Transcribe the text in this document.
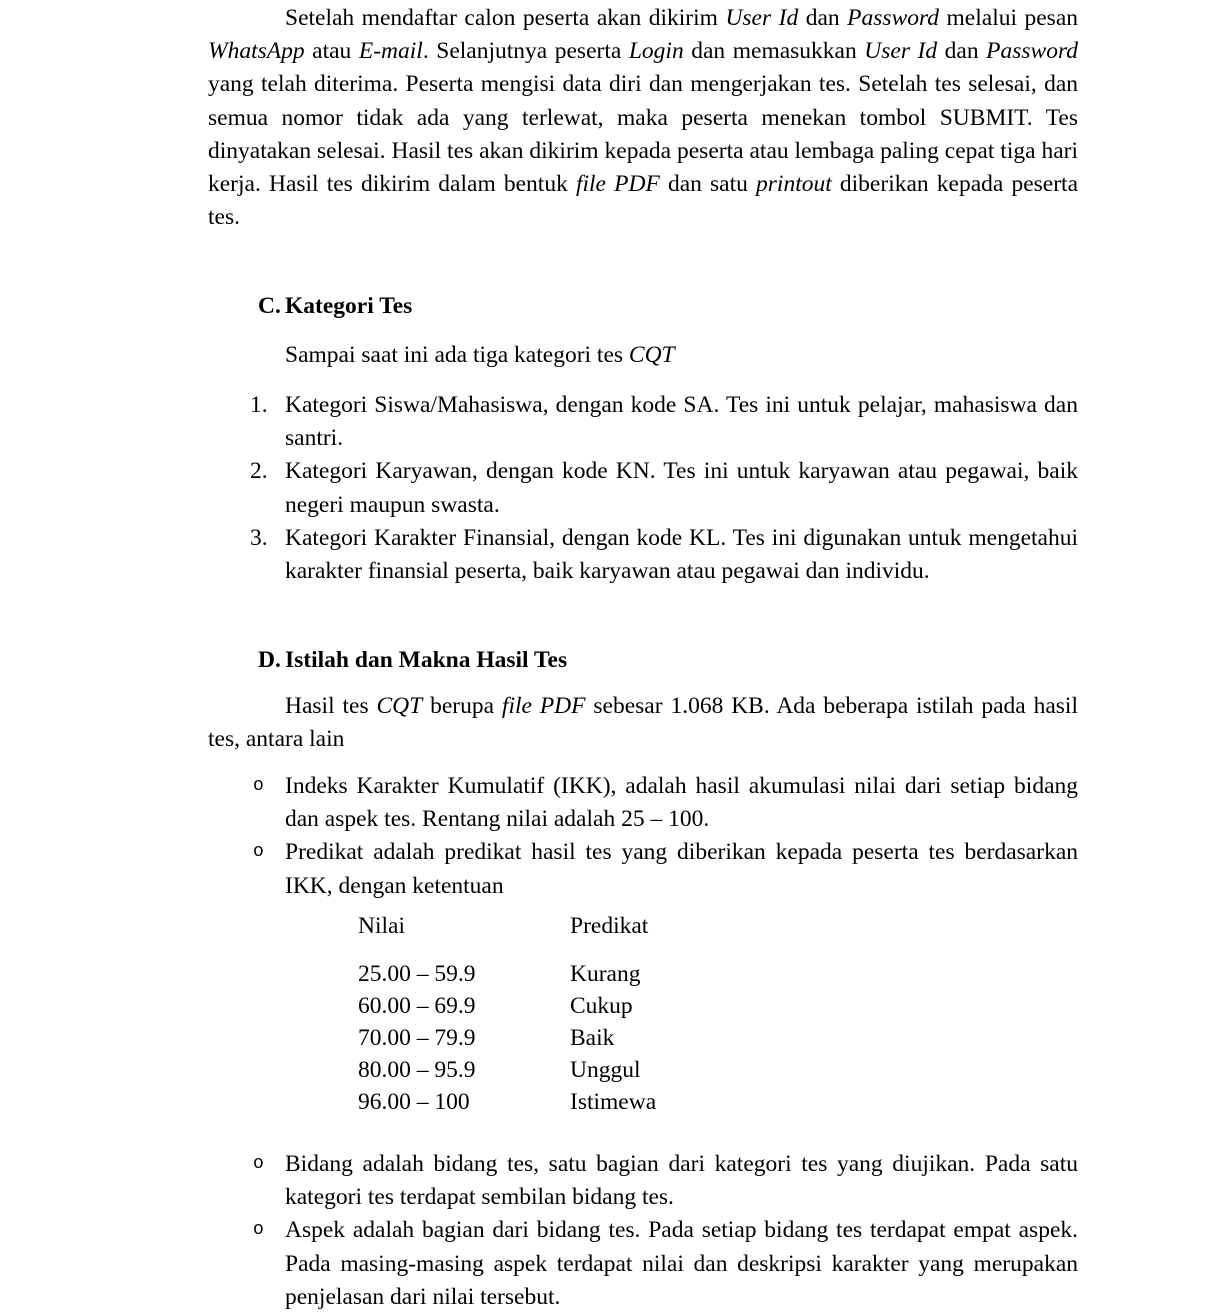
Setelah mendaftar calon peserta akan dikirim User Id dan Password melalui pesan WhatsApp atau E-mail. Selanjutnya peserta Login dan memasukkan User Id dan Password yang telah diterima. Peserta mengisi data diri dan mengerjakan tes. Setelah tes selesai, dan semua nomor tidak ada yang terlewat, maka peserta menekan tombol SUBMIT. Tes dinyatakan selesai. Hasil tes akan dikirim kepada peserta atau lembaga paling cepat tiga hari kerja. Hasil tes dikirim dalam bentuk file PDF dan satu printout diberikan kepada peserta tes.

C. Kategori Tes

Sampai saat ini ada tiga kategori tes CQT

1. Kategori Siswa/Mahasiswa, dengan kode SA. Tes ini untuk pelajar, mahasiswa dan santri.
2. Kategori Karyawan, dengan kode KN. Tes ini untuk karyawan atau pegawai, baik negeri maupun swasta.
3. Kategori Karakter Finansial, dengan kode KL. Tes ini digunakan untuk mengetahui karakter finansial peserta, baik karyawan atau pegawai dan individu.
D. Istilah dan Makna Hasil Tes

Hasil tes CQT berupa file PDF sebesar 1.068 KB. Ada beberapa istilah pada hasil tes, antara lain

o Indeks Karakter Kumulatif (IKK), adalah hasil akumulasi nilai dari setiap bidang dan aspek tes. Rentang nilai adalah 25 – 100.
o Predikat adalah predikat hasil tes yang diberikan kepada peserta tes berdasarkan IKK, dengan ketentuan
Nilai	Predikat

25.00 – 59.9	Kurang
60.00 – 69.9	Cukup
70.00 – 79.9	Baik
80.00 – 95.9	Unggul
96.00 – 100	Istimewa
o Bidang adalah bidang tes, satu bagian dari kategori tes yang diujikan. Pada satu kategori tes terdapat sembilan bidang tes.
o Aspek adalah bagian dari bidang tes. Pada setiap bidang tes terdapat empat aspek. Pada masing-masing aspek terdapat nilai dan deskripsi karakter yang merupakan penjelasan dari nilai tersebut.
